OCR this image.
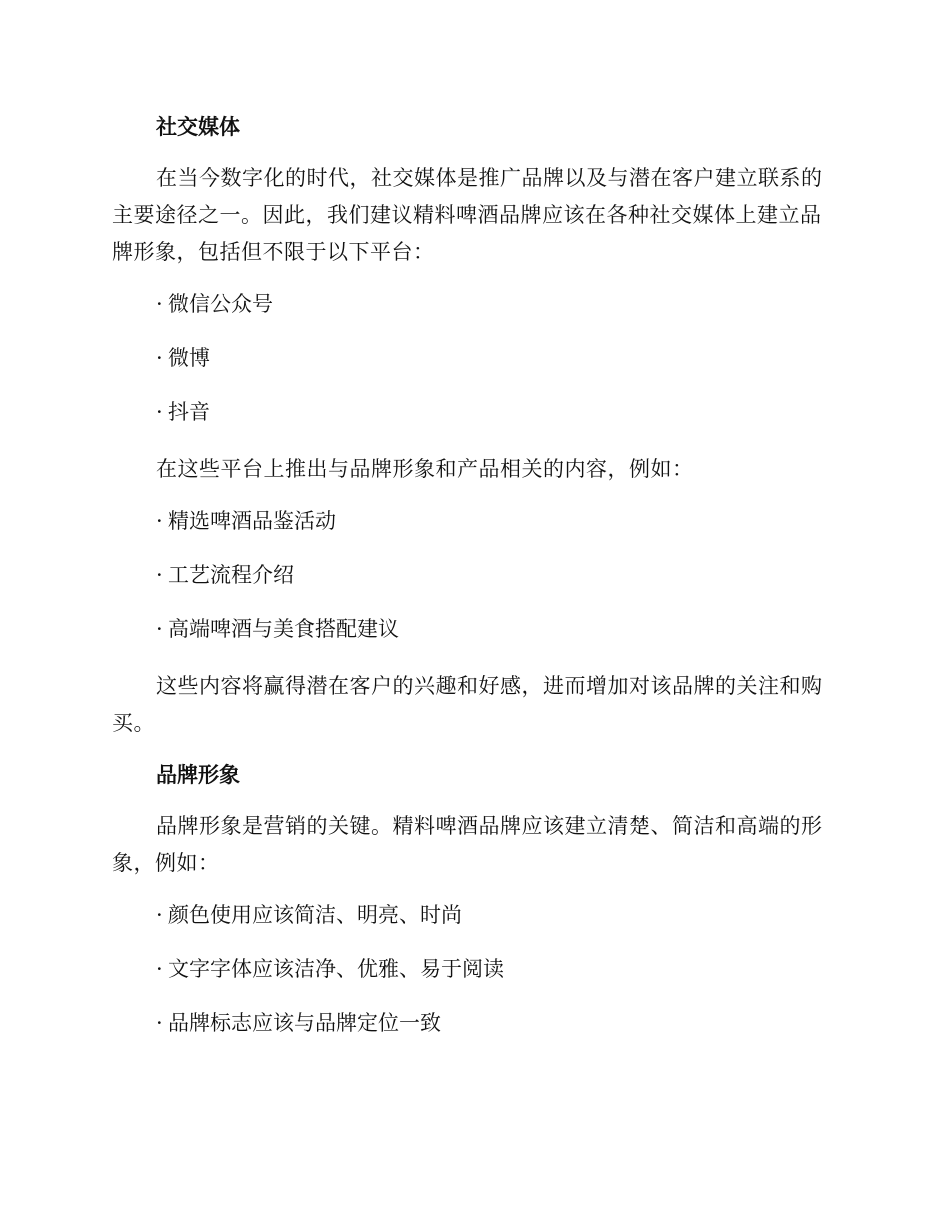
社交媒体
在当今数字化的时代，社交媒体是推广品牌以及与潜在客户建立联系的主要途径之一。因此，我们建议精料啤酒品牌应该在各种社交媒体上建立品牌形象，包括但不限于以下平台：
· 微信公众号
· 微博
· 抖音
在这些平台上推出与品牌形象和产品相关的内容，例如：
· 精选啤酒品鉴活动
· 工艺流程介绍
· 高端啤酒与美食搭配建议
这些内容将赢得潜在客户的兴趣和好感，进而增加对该品牌的关注和购买。
品牌形象
品牌形象是营销的关键。精料啤酒品牌应该建立清楚、简洁和高端的形象，例如：
· 颜色使用应该简洁、明亮、时尚
· 文字字体应该洁净、优雅、易于阅读
· 品牌标志应该与品牌定位一致
